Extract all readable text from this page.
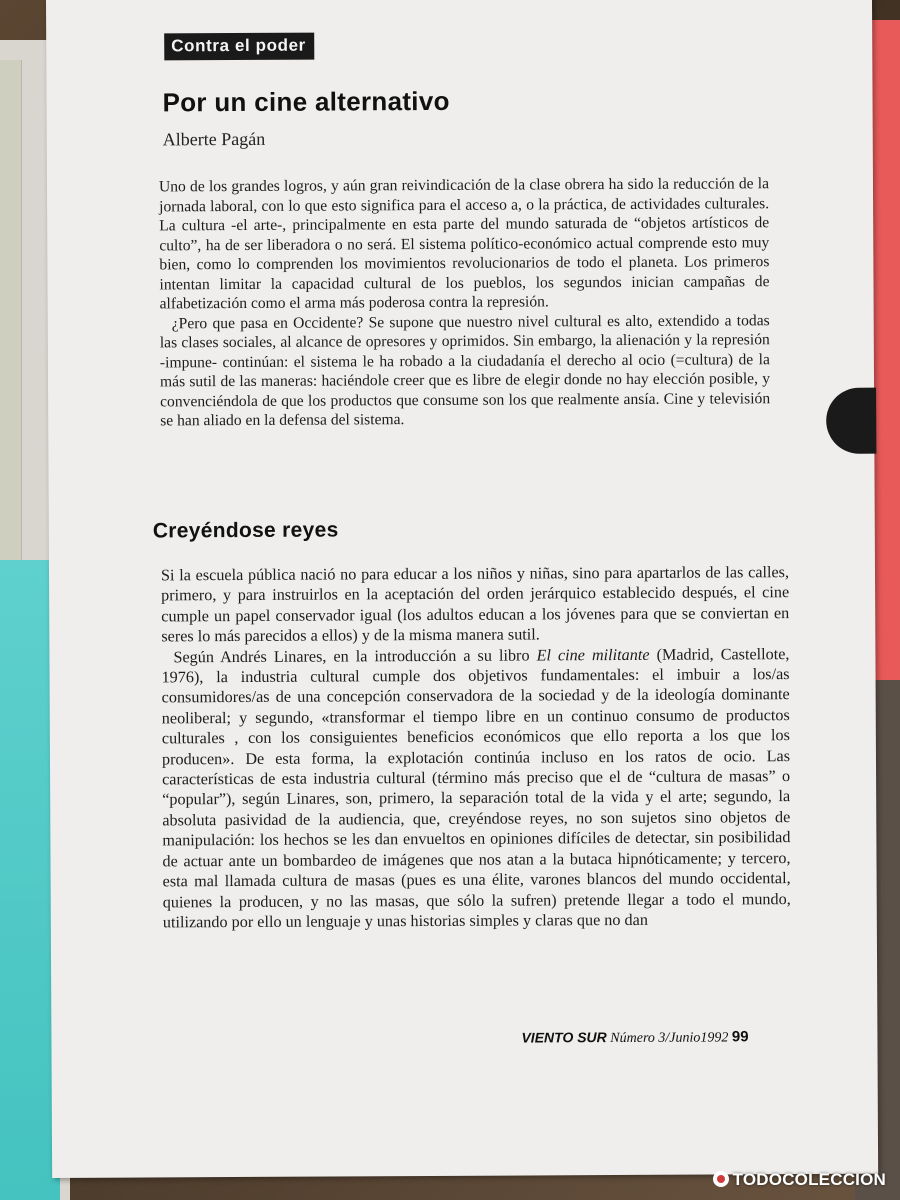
Contra el poder
Por un cine alternativo
Alberte Pagán

Uno de los grandes logros, y aún gran reivindicación de la clase obrera ha sido la reducción de la jornada laboral, con lo que esto significa para el acceso a, o la práctica, de actividades culturales. La cultura -el arte-, principalmente en esta parte del mundo saturada de “objetos artísticos de culto”, ha de ser liberadora o no será. El sistema político-económico actual comprende esto muy bien, como lo comprenden los movimientos revolucionarios de todo el planeta. Los primeros intentan limitar la capacidad cultural de los pueblos, los segundos inician campañas de alfabetización como el arma más poderosa contra la represión.

¿Pero que pasa en Occidente? Se supone que nuestro nivel cultural es alto, extendido a todas las clases sociales, al alcance de opresores y oprimidos. Sin embargo, la alienación y la represión -impune- continúan: el sistema le ha robado a la ciudadanía el derecho al ocio (=cultura) de la más sutil de las maneras: haciéndole creer que es libre de elegir donde no hay elección posible, y convenciéndola de que los productos que consume son los que realmente ansía. Cine y televisión se han aliado en la defensa del sistema.

Creyéndose reyes

Si la escuela pública nació no para educar a los niños y niñas, sino para apartarlos de las calles, primero, y para instruirlos en la aceptación del orden jerárquico establecido después, el cine cumple un papel conservador igual (los adultos educan a los jóvenes para que se conviertan en seres lo más parecidos a ellos) y de la misma manera sutil.

Según Andrés Linares, en la introducción a su libro El cine militante (Madrid, Castellote, 1976), la industria cultural cumple dos objetivos fundamentales: el imbuir a los/as consumidores/as de una concepción conservadora de la sociedad y de la ideología dominante neoliberal; y segundo, «transformar el tiempo libre en un continuo consumo de productos culturales , con los consiguientes beneficios económicos que ello reporta a los que los producen». De esta forma, la explotación continúa incluso en los ratos de ocio. Las características de esta industria cultural (término más preciso que el de “cultura de masas” o “popular”), según Linares, son, primero, la separación total de la vida y el arte; segundo, la absoluta pasividad de la audiencia, que, creyéndose reyes, no son sujetos sino objetos de manipulación: los hechos se les dan envueltos en opiniones difíciles de detectar, sin posibilidad de actuar ante un bombardeo de imágenes que nos atan a la butaca hipnóticamente; y tercero, esta mal llamada cultura de masas (pues es una élite, varones blancos del mundo occidental, quienes la producen, y no las masas, que sólo la sufren) pretende llegar a todo el mundo, utilizando por ello un lenguaje y unas historias simples y claras que no dan

VIENTO SUR Número 3/Junio1992 99
TODOCOLECCION
